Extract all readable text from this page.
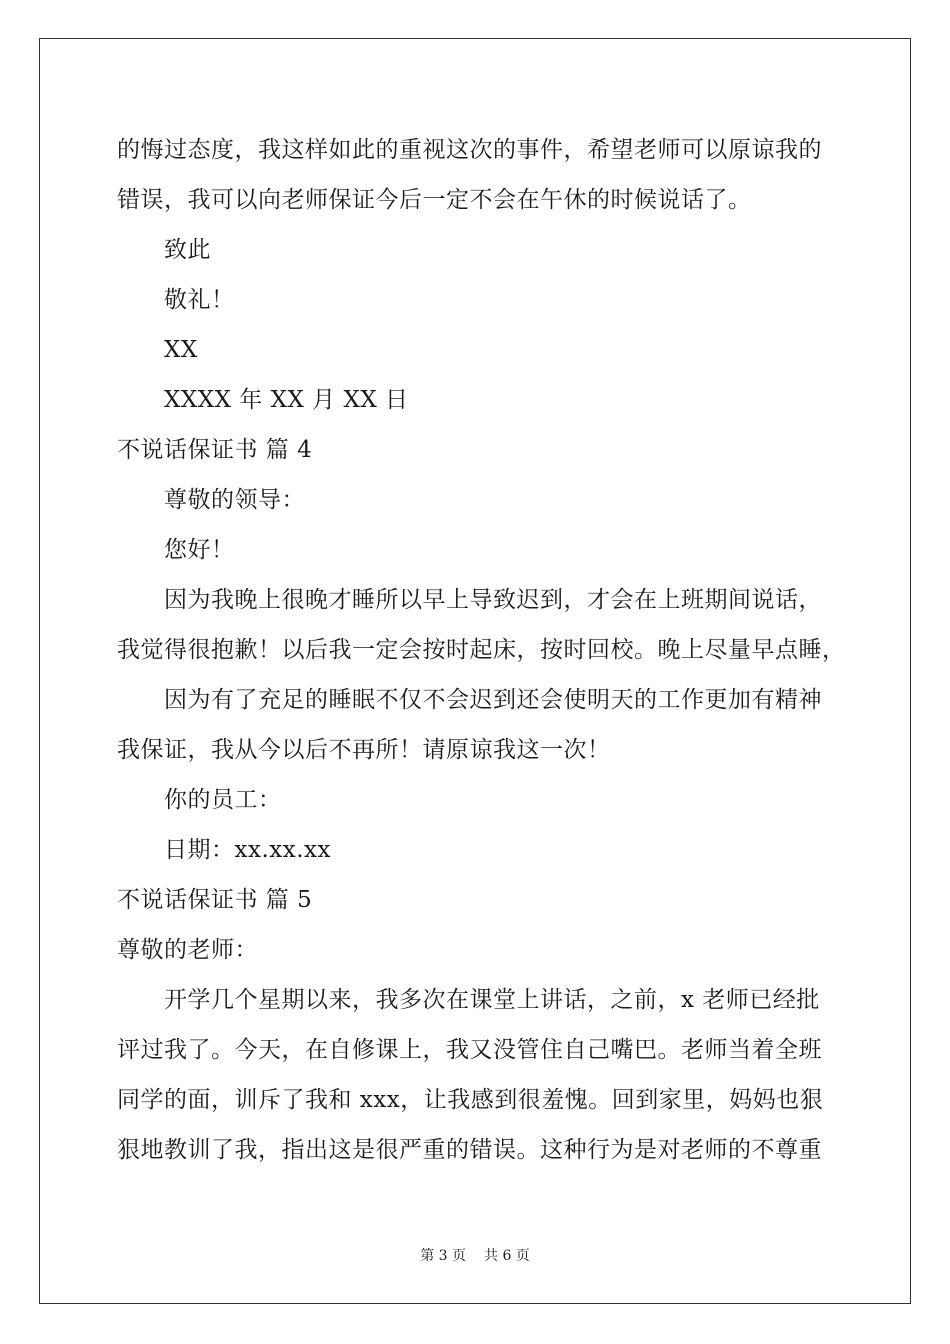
的悔过态度，我这样如此的重视这次的事件，希望老师可以原谅我的
错误，我可以向老师保证今后一定不会在午休的时候说话了。
致此
敬礼！
XX
XXXX 年 XX 月 XX 日
不说话保证书 篇 4
尊敬的领导：
您好！
因为我晚上很晚才睡所以早上导致迟到，才会在上班期间说话，
我觉得很抱歉！以后我一定会按时起床，按时回校。晚上尽量早点睡，
因为有了充足的睡眠不仅不会迟到还会使明天的工作更加有精神
我保证，我从今以后不再所！请原谅我这一次！
你的员工：
日期：xx.xx.xx
不说话保证书 篇 5
尊敬的老师：
开学几个星期以来，我多次在课堂上讲话，之前，x 老师已经批
评过我了。今天，在自修课上，我又没管住自己嘴巴。老师当着全班
同学的面，训斥了我和 xxx，让我感到很羞愧。回到家里，妈妈也狠
狠地教训了我，指出这是很严重的错误。这种行为是对老师的不尊重
第 3 页 共 6 页
